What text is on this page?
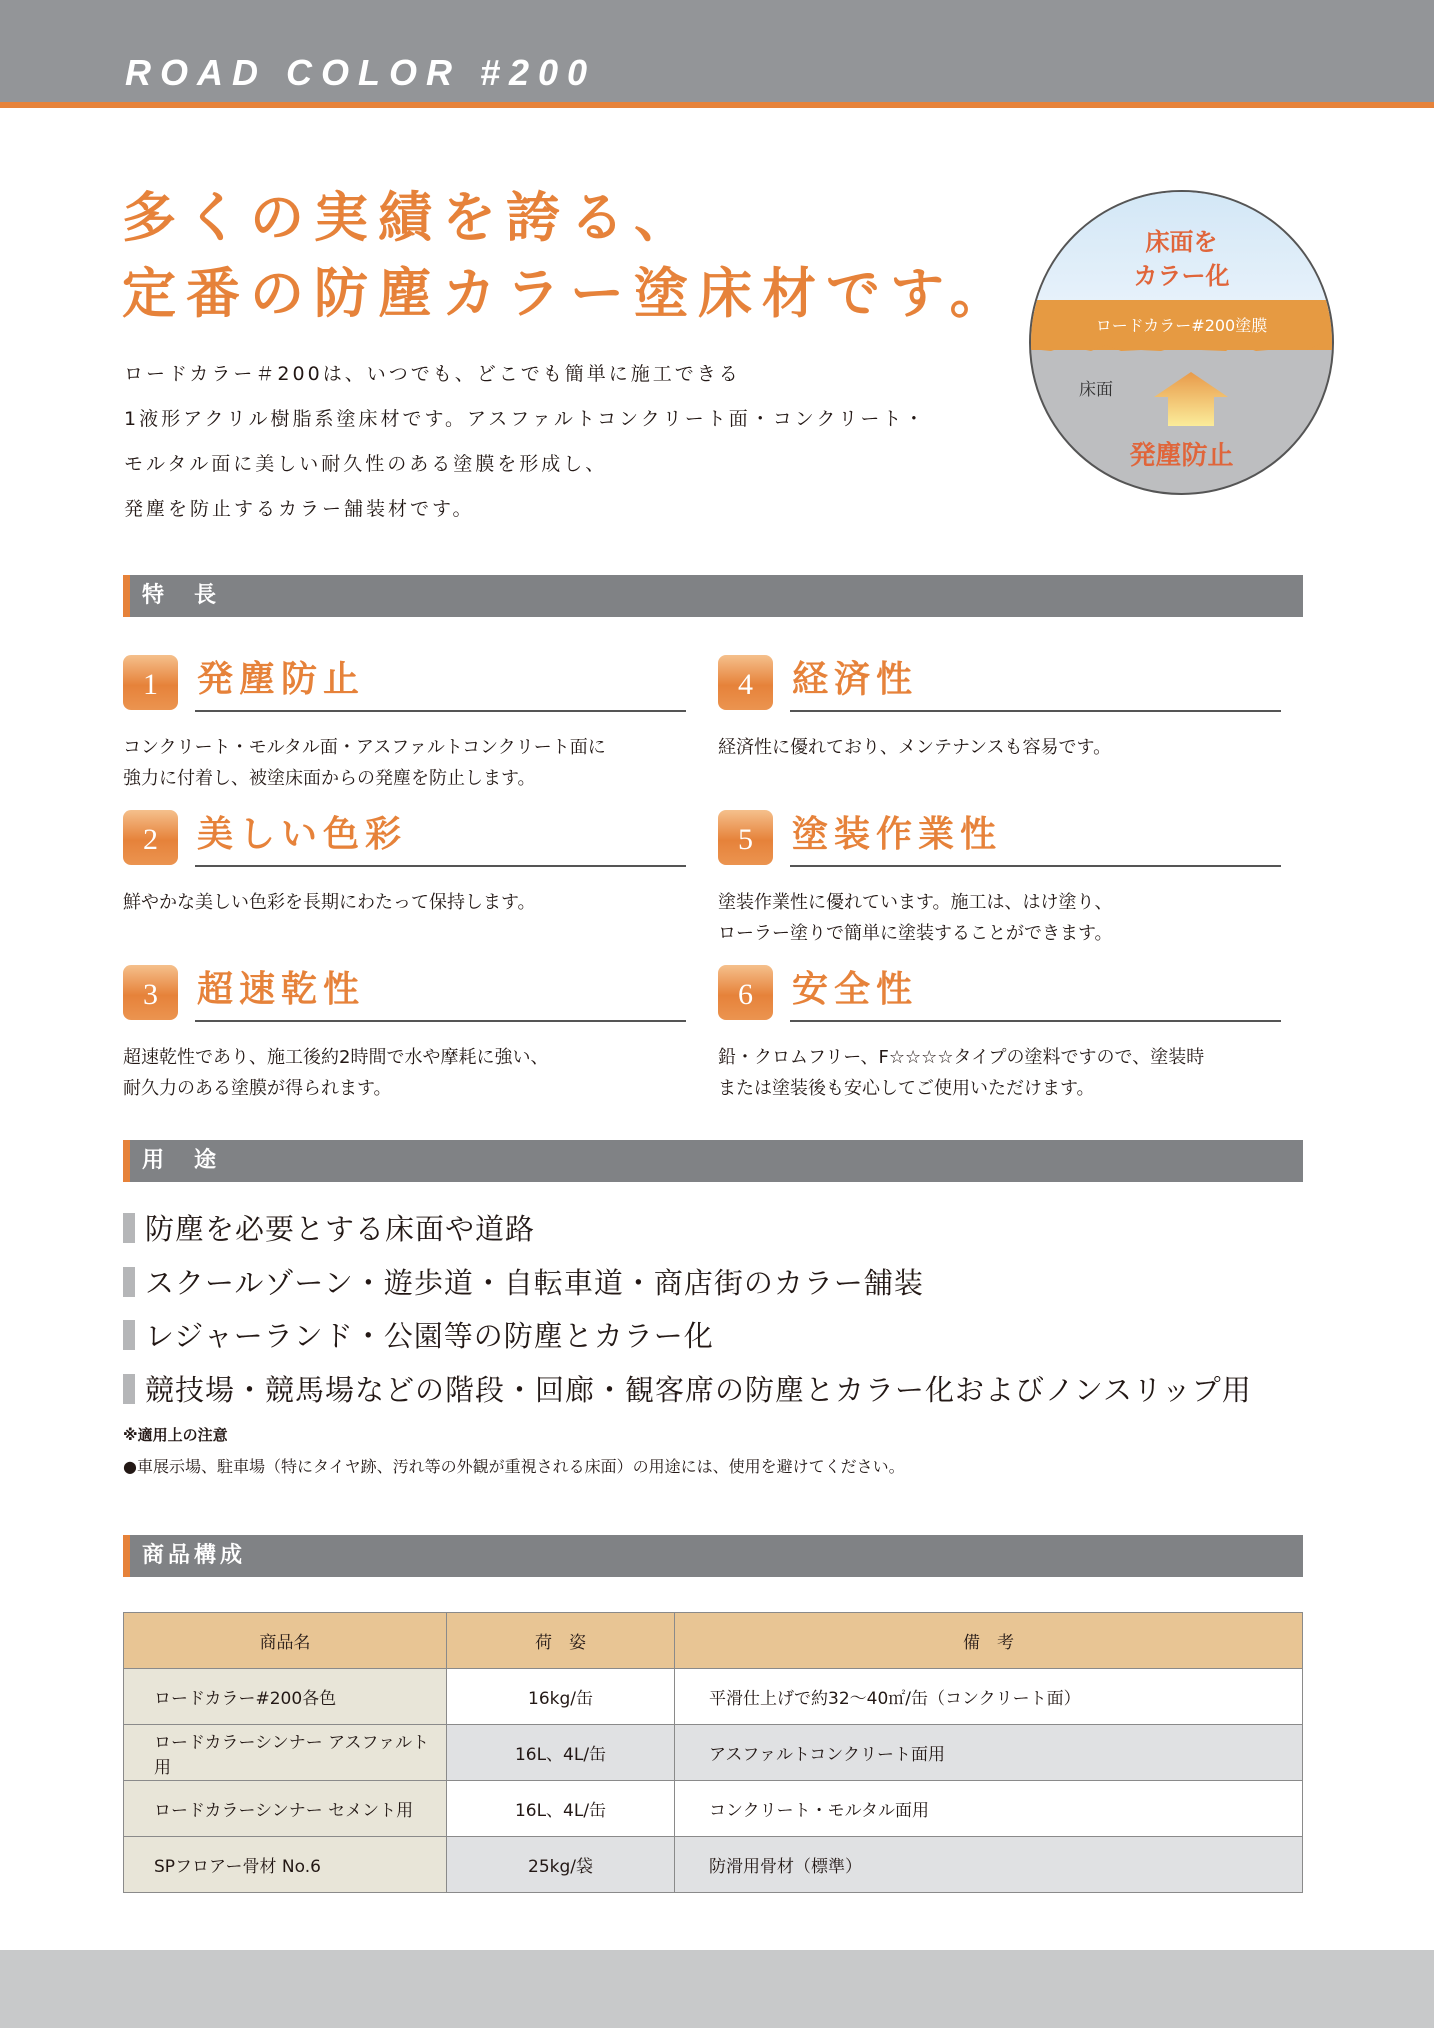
ROAD COLOR #200
多くの実績を誇る、
定番の防塵カラー塗床材です。
ロードカラー＃200は、いつでも、どこでも簡単に施工できる
1液形アクリル樹脂系塗床材です。アスファルトコンクリート面・コンクリート・
モルタル面に美しい耐久性のある塗膜を形成し、
発塵を防止するカラー舗装材です。
床面を
カラー化
ロードカラー#200塗膜
床面
発塵防止
特　長
1	発塵防止
コンクリート・モルタル面・アスファルトコンクリート面に
強力に付着し、被塗床面からの発塵を防止します。
2	美しい色彩
鮮やかな美しい色彩を長期にわたって保持します。
3	超速乾性
超速乾性であり、施工後約2時間で水や摩耗に強い、
耐久力のある塗膜が得られます。
4	経済性
経済性に優れており、メンテナンスも容易です。
5	塗装作業性
塗装作業性に優れています。施工は、はけ塗り、
ローラー塗りで簡単に塗装することができます。
6	安全性
鉛・クロムフリー、F☆☆☆☆タイプの塗料ですので、塗装時
または塗装後も安心してご使用いただけます。
用　途
防塵を必要とする床面や道路
スクールゾーン・遊歩道・自転車道・商店街のカラー舗装
レジャーランド・公園等の防塵とカラー化
競技場・競馬場などの階段・回廊・観客席の防塵とカラー化およびノンスリップ用
※適用上の注意
●車展示場、駐車場（特にタイヤ跡、汚れ等の外観が重視される床面）の用途には、使用を避けてください。
商品構成
商品名	荷　姿	備　考
ロードカラー#200各色	16kg/缶	平滑仕上げで約32～40㎡/缶（コンクリート面）
ロードカラーシンナー アスファルト用	16L、4L/缶	アスファルトコンクリート面用
ロードカラーシンナー セメント用	16L、4L/缶	コンクリート・モルタル面用
SPフロアー骨材 No.6	25kg/袋	防滑用骨材（標準）
